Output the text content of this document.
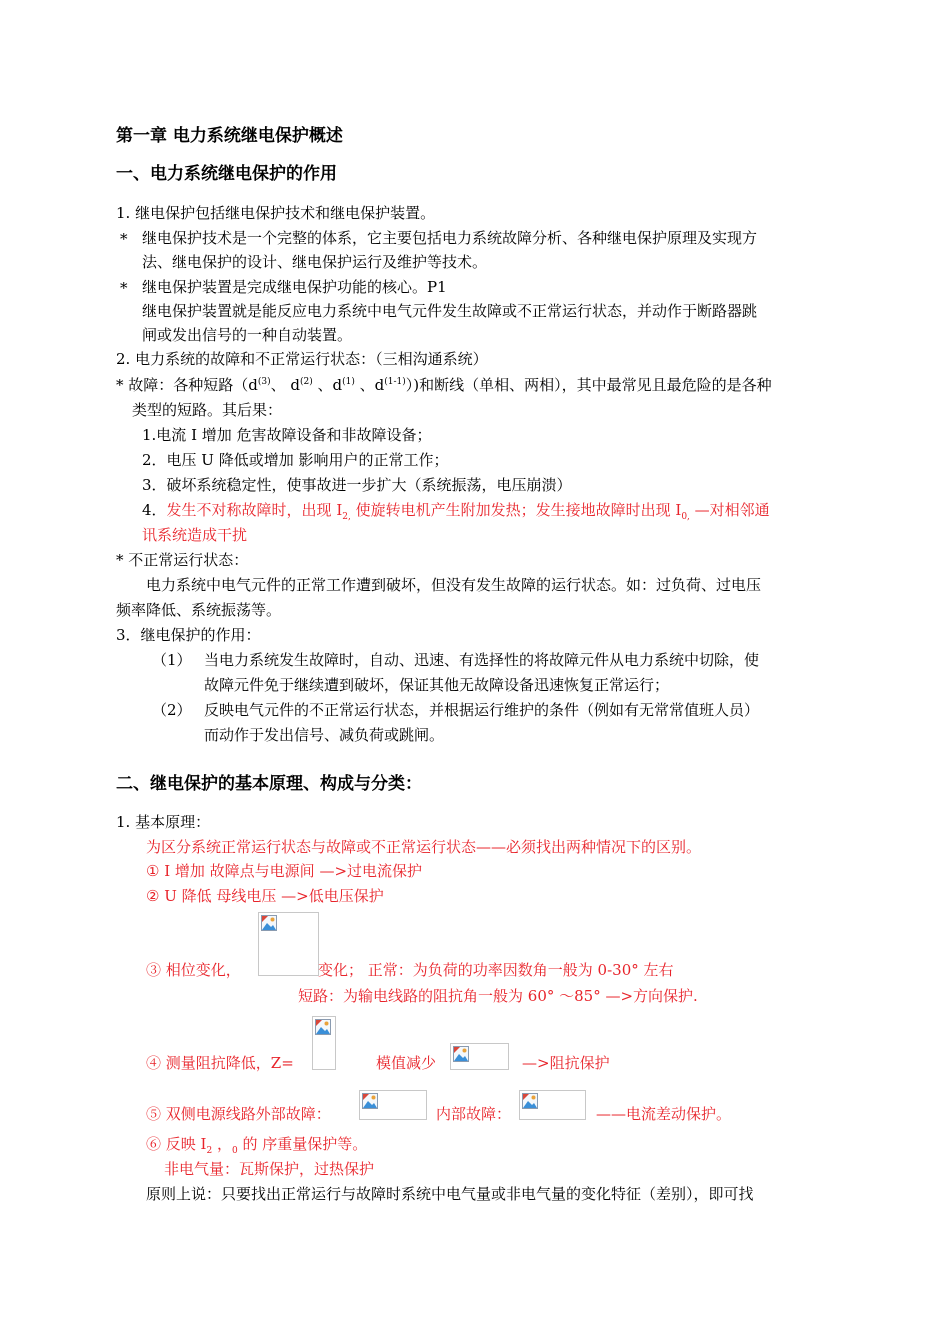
第一章 电力系统继电保护概述
一、电力系统继电保护的作用
1. 继电保护包括继电保护技术和继电保护装置。
* 继电保护技术是一个完整的体系，它主要包括电力系统故障分析、各种继电保护原理及实现方
法、继电保护的设计、继电保护运行及维护等技术。
* 继电保护装置是完成继电保护功能的核心。P1
继电保护装置就是能反应电力系统中电气元件发生故障或不正常运行状态，并动作于断路器跳
闸或发出信号的一种自动装置。
2. 电力系统的故障和不正常运行状态：（三相沟通系统）
* 故障：各种短路（$d^{(3)}$、 $d^{(2)}$ 、$d^{(1)}$ 、$d^{(1-1)}$）)和断线（单相、两相），其中最常见且最危险的是各种
类型的短路。其后果：
1.电流 I 增加 危害故障设备和非故障设备；
2．电压 U 降低或增加 影响用户的正常工作；
3．破坏系统稳定性，使事故进一步扩大（系统振荡，电压崩溃）
4．发生不对称故障时，出现 $I_{2,}$ 使旋转电机产生附加发热；发生接地故障时出现 $I_{0,}$ —对相邻通
讯系统造成干扰
* 不正常运行状态：
电力系统中电气元件的正常工作遭到破坏，但没有发生故障的运行状态。如：过负荷、过电压
频率降低、系统振荡等。
3．继电保护的作用：
（1） 当电力系统发生故障时，自动、迅速、有选择性的将故障元件从电力系统中切除，使
故障元件免于继续遭到破坏，保证其他无故障设备迅速恢复正常运行；
（2） 反映电气元件的不正常运行状态，并根据运行维护的条件（例如有无常常值班人员）
而动作于发出信号、减负荷或跳闸。
二、继电保护的基本原理、构成与分类：
1. 基本原理：
为区分系统正常运行状态与故障或不正常运行状态——必须找出两种情况下的区别。
① I 增加 故障点与电源间 —>过电流保护
② U 降低 母线电压 —>低电压保护
③ 相位变化，	变化； 正常：为负荷的功率因数角一般为 0-30° 左右
短路：为输电线路的阻抗角一般为 60° ～85° —>方向保护.
④ 测量阻抗降低，Z=	模值减少	—>阻抗保护
⑤ 双侧电源线路外部故障：	内部故障：	——电流差动保护。
⑥ 反映 $I_2$ ，$_0$ 的 序重量保护等。
非电气量：瓦斯保护，过热保护
原则上说：只要找出正常运行与故障时系统中电气量或非电气量的变化特征（差别），即可找
